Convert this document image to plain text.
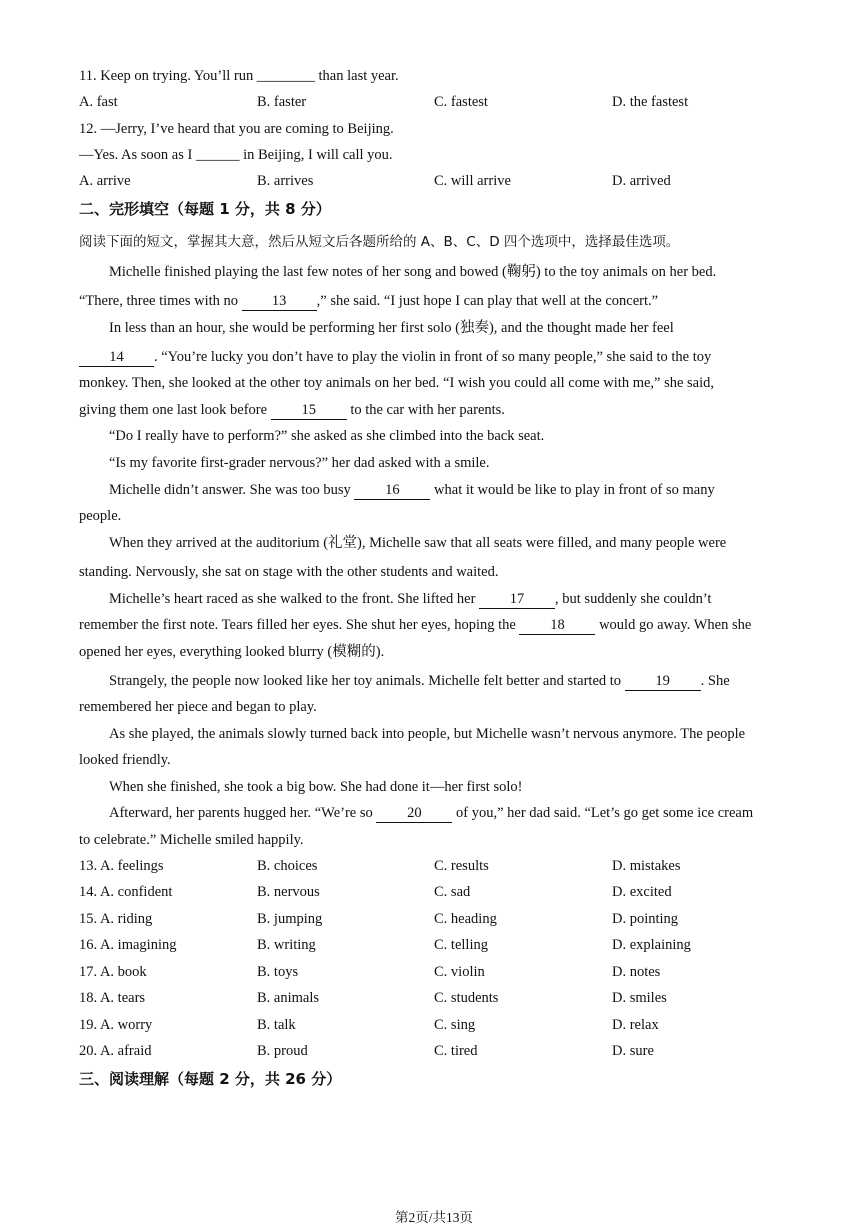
11. Keep on trying. You’ll run ________ than last year.
A. fast	B. faster	C. fastest	D. the fastest
12. —Jerry, I’ve heard that you are coming to Beijing.
—Yes. As soon as I ______ in Beijing, I will call you.
A. arrive	B. arrives	C. will arrive	D. arrived
二、完形填空（每题 1 分，共 8 分）
阅读下面的短文，掌握其大意，然后从短文后各题所给的 A、B、C、D 四个选项中，选择最佳选项。
Michelle finished playing the last few notes of her song and bowed (鞠躬) to the toy animals on her bed.
“There, three times with no 13 ,” she said. “I just hope I can play that well at the concert.”
In less than an hour, she would be performing her first solo (独奏), and the thought made her feel
14 . “You’re lucky you don’t have to play the violin in front of so many people,” she said to the toy
monkey. Then, she looked at the other toy animals on her bed. “I wish you could all come with me,” she said,
giving them one last look before 15 to the car with her parents.
“Do I really have to perform?” she asked as she climbed into the back seat.
“Is my favorite first-grader nervous?” her dad asked with a smile.
Michelle didn’t answer. She was too busy 16 what it would be like to play in front of so many
people.
When they arrived at the auditorium (礼堂), Michelle saw that all seats were filled, and many people were
standing. Nervously, she sat on stage with the other students and waited.
Michelle’s heart raced as she walked to the front. She lifted her 17 , but suddenly she couldn’t
remember the first note. Tears filled her eyes. She shut her eyes, hoping the 18 would go away. When she
opened her eyes, everything looked blurry (模糊的).
Strangely, the people now looked like her toy animals. Michelle felt better and started to 19 . She
remembered her piece and began to play.
As she played, the animals slowly turned back into people, but Michelle wasn’t nervous anymore. The people
looked friendly.
When she finished, she took a big bow. She had done it—her first solo!
Afterward, her parents hugged her. “We’re so 20 of you,” her dad said. “Let’s go get some ice cream
to celebrate.” Michelle smiled happily.
13. A. feelings	B. choices	C. results	D. mistakes
14. A. confident	B. nervous	C. sad	D. excited
15. A. riding	B. jumping	C. heading	D. pointing
16. A. imagining	B. writing	C. telling	D. explaining
17. A. book	B. toys	C. violin	D. notes
18. A. tears	B. animals	C. students	D. smiles
19. A. worry	B. talk	C. sing	D. relax
20. A. afraid	B. proud	C. tired	D. sure
三、阅读理解（每题 2 分，共 26 分）
第2页/共13页
